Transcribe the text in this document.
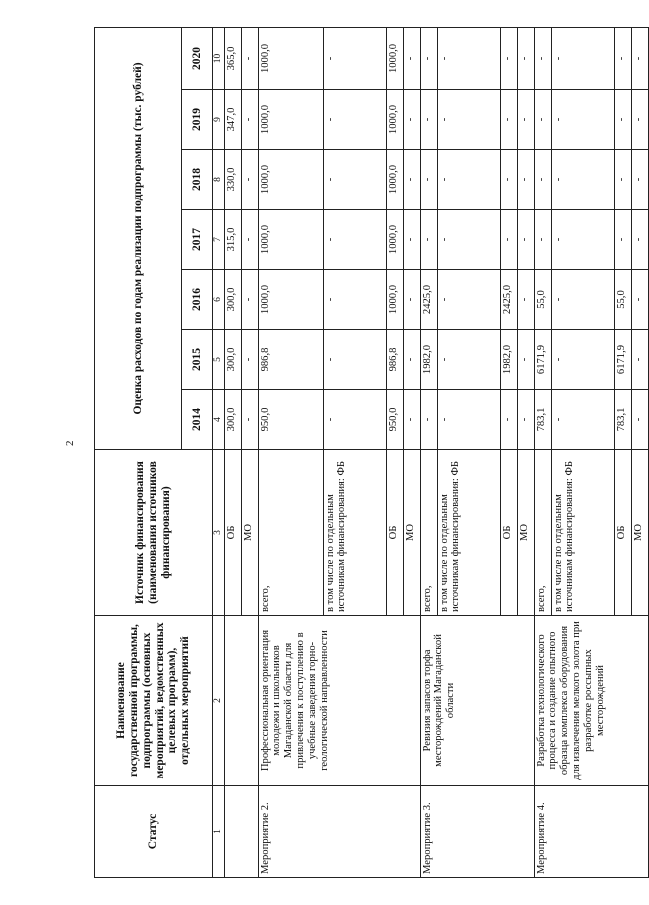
2
Статус	Наименование государственной программы, подпрограммы (основных мероприятий, ведомственных целевых программ), отдельных мероприятий	Источник финансирования (наименования источников финансирования)	Оценка расходов по годам реализации подпрограммы (тыс. рублей)						
			2014	2015	2016	2017	2018	2019	2020
1	2	3	4	5	6	7	8	9	10
		ОБ	300,0	300,0	300,0	315,0	330,0	347,0	365,0
		МО	-	-	-	-	-	-	-
Мероприятие 2.	Профессиональная ориентация молодежи и школьников Магаданской области для привлечения к поступлению в учебные заведения горно-геологической направленности	всего,	950,0	986,8	1000,0	1000,0	1000,0	1000,0	1000,0
		в том числе по отдельным источникам финансирования: ФБ	-	-	-	-	-	-	-
		ОБ	950,0	986,8	1000,0	1000,0	1000,0	1000,0	1000,0
		МО	-	-	-	-	-	-	-
Мероприятие 3.	Ревизия запасов торфа месторождений Магаданской области	всего,	-	1982,0	2425,0	-	-	-	-
		в том числе по отдельным источникам финансирования: ФБ	-	-	-	-	-	-	-
		ОБ	-	1982,0	2425,0	-	-	-	-
		МО	-	-	-	-	-	-	-
Мероприятие 4.	Разработка технологического процесса и создание опытного образца комплекса оборудования для извлечения мелкого золота при разработке россыпных месторождений	всего,	783,1	6171,9	55,0	-	-	-	-
		в том числе по отдельным источникам финансирования: ФБ	-	-	-	-	-	-	-
		ОБ	783,1	6171,9	55,0	-	-	-	-
		МО	-	-	-	-	-	-	-
